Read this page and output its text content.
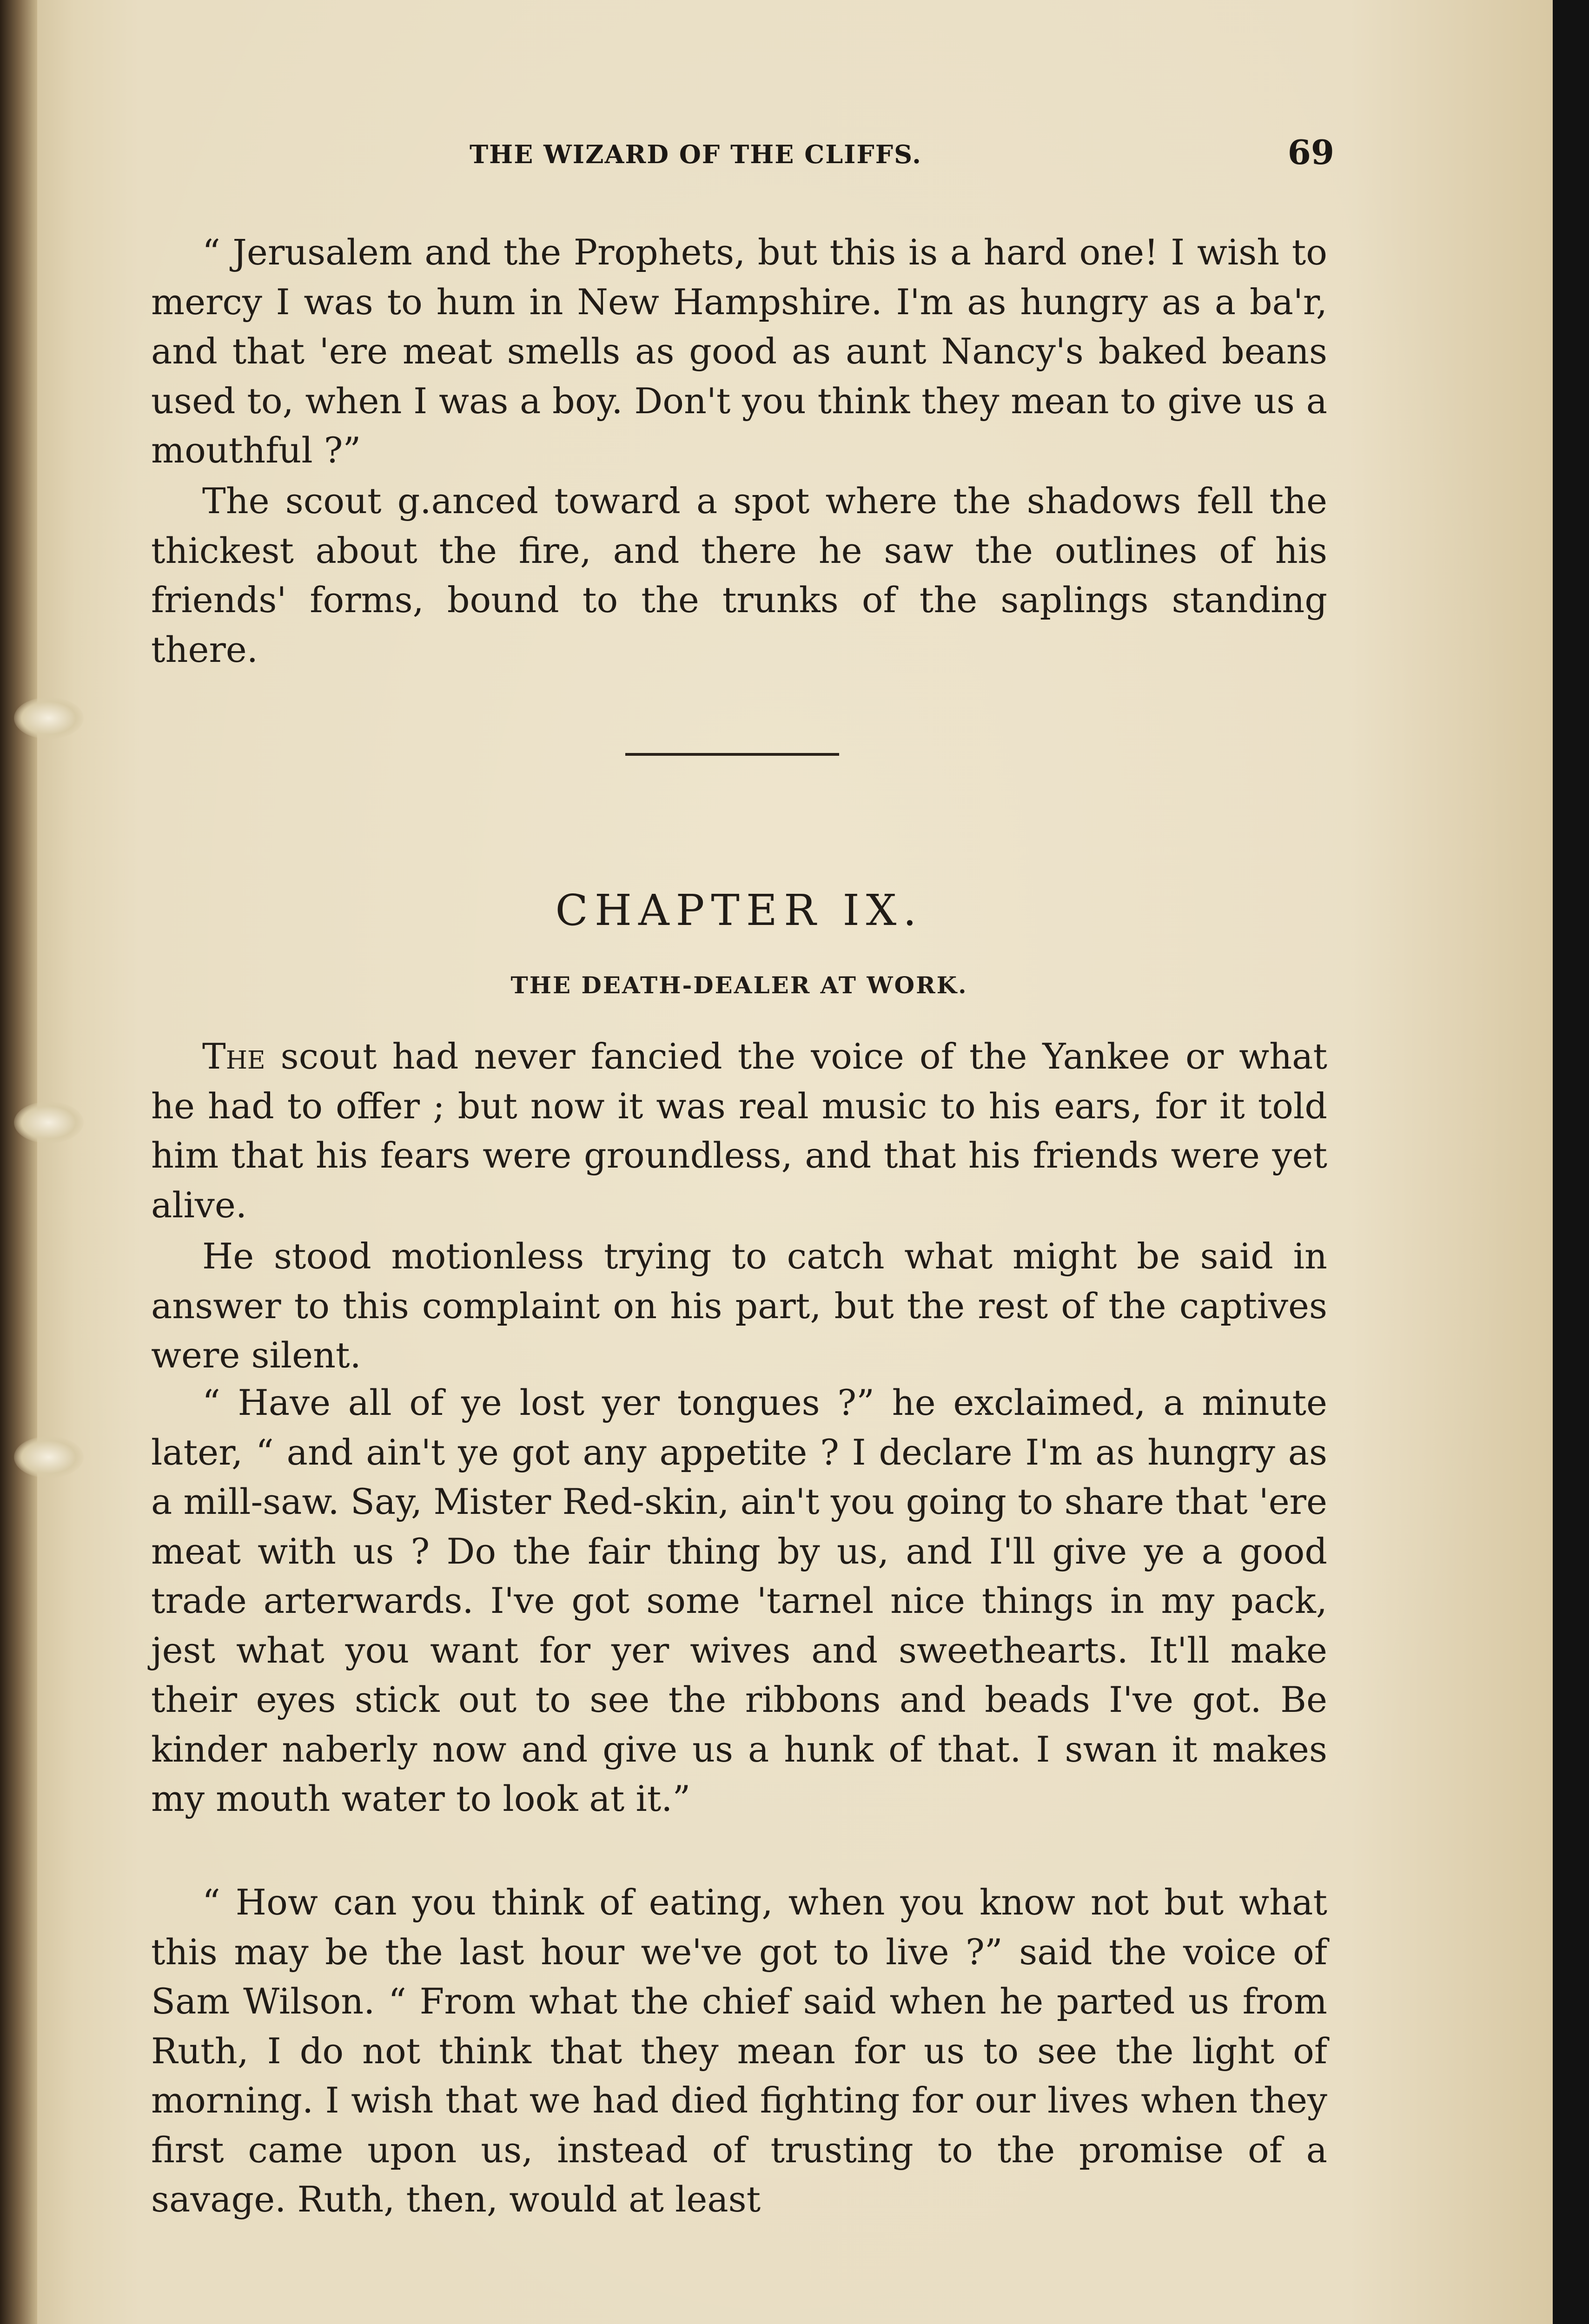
THE WIZARD OF THE CLIFFS.	69

“ Jerusalem and the Prophets, but this is a hard one! I wish to mercy I was to hum in New Hampshire. I'm as hungry as a ba'r, and that 'ere meat smells as good as aunt Nancy's baked beans used to, when I was a boy. Don't you think they mean to give us a mouthful ?”

The scout g.anced toward a spot where the shadows fell the thickest about the fire, and there he saw the outlines of his friends' forms, bound to the trunks of the saplings standing there.

CHAPTER IX.
THE DEATH-DEALER AT WORK.

The scout had never fancied the voice of the Yankee or what he had to offer ; but now it was real music to his ears, for it told him that his fears were groundless, and that his friends were yet alive.

He stood motionless trying to catch what might be said in answer to this complaint on his part, but the rest of the captives were silent.

“ Have all of ye lost yer tongues ?” he exclaimed, a minute later, “ and ain't ye got any appetite ? I declare I'm as hungry as a mill-saw. Say, Mister Red-skin, ain't you going to share that 'ere meat with us ? Do the fair thing by us, and I'll give ye a good trade arterwards. I've got some 'tarnel nice things in my pack, jest what you want for yer wives and sweethearts. It'll make their eyes stick out to see the ribbons and beads I've got. Be kinder naberly now and give us a hunk of that. I swan it makes my mouth water to look at it.”

“ How can you think of eating, when you know not but what this may be the last hour we've got to live ?” said the voice of Sam Wilson. “ From what the chief said when he parted us from Ruth, I do not think that they mean for us to see the light of morning. I wish that we had died fighting for our lives when they first came upon us, instead of trusting to the promise of a savage. Ruth, then, would at least
